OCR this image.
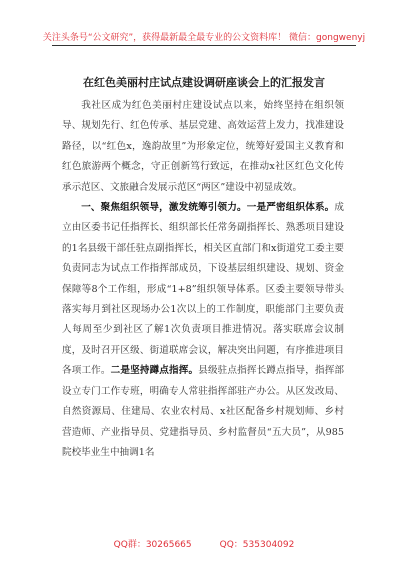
关注头条号“公文研究”，获得最新最全最专业的公文资料库！ 微信：gongwenyj
在红色美丽村庄试点建设调研座谈会上的汇报发言

我社区成为红色美丽村庄建设试点以来，始终坚持在组织领导、规划先行、红色传承、基层党建、高效运营上发力，找准建设路径，以“红色x，逸韵故里”为形象定位，统筹好爱国主义教育和红色旅游两个概念，守正创新笃行致远，在推动x社区红色文化传承示范区、文旅融合发展示范区“两区”建设中初显成效。

一、聚焦组织领导，激发统筹引领力。一是严密组织体系。成立由区委书记任指挥长、组织部长任常务副指挥长、熟悉项目建设的1名县级干部任驻点副指挥长，相关区直部门和x街道党工委主要负责同志为试点工作指挥部成员，下设基层组织建设、规划、资金保障等8个工作组，形成“1+8”组织领导体系。区委主要领导带头落实每月到社区现场办公1次以上的工作制度，职能部门主要负责人每周至少到社区了解1次负责项目推进情况。落实联席会议制度，及时召开区级、街道联席会议，解决突出问题，有序推进项目各项工作。二是坚持蹲点指挥。县级驻点指挥长蹲点指导，指挥部设立专门工作专班，明确专人常驻指挥部驻产办公。从区发改局、自然资源局、住建局、农业农村局、x社区配备乡村规划师、乡村营造师、产业指导员、党建指导员、乡村监督员“五大员”，从985院校毕业生中抽调1名

QQ群：30265665	QQ：535304092
